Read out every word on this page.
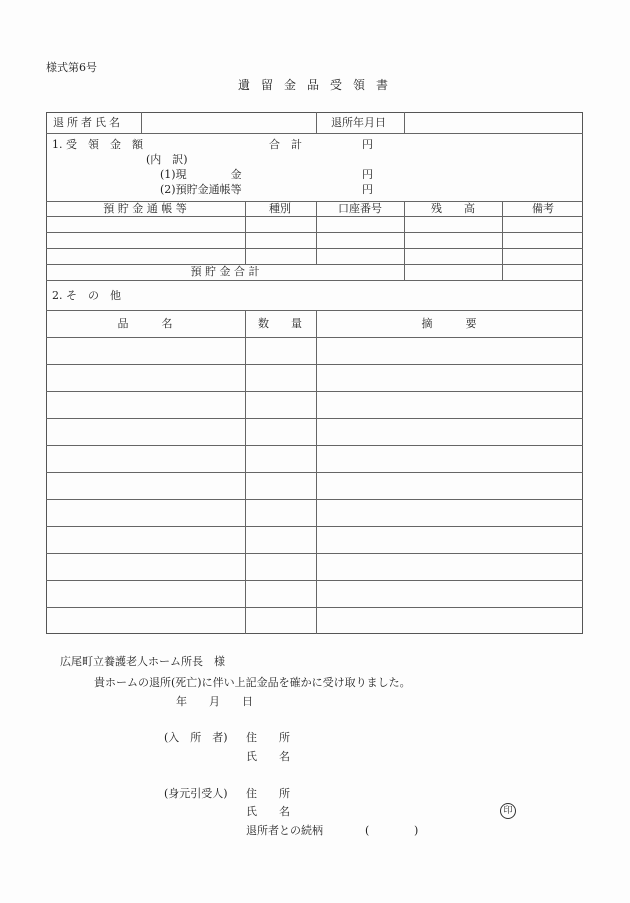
様式第6号
遺留金品受領書
退所者氏名	退所年月日
1. 受　領　金　額	合　計	円
(内　訳)
(1)現　　　　金	円
(2)預貯金通帳等	円
預 貯 金 通 帳 等	種別	口座番号	残　　高	備考
預 貯 金 合 計
2. そ　の　他
品　　　名	数　　量	摘　　　要
広尾町立養護老人ホーム所長　様
貴ホームの退所(死亡)に伴い上記金品を確かに受け取りました。
年　　月　　日
(入　所　者) 住　　所
氏　　名
(身元引受人) 住　　所
氏　　名	印
退所者との続柄	(	)
